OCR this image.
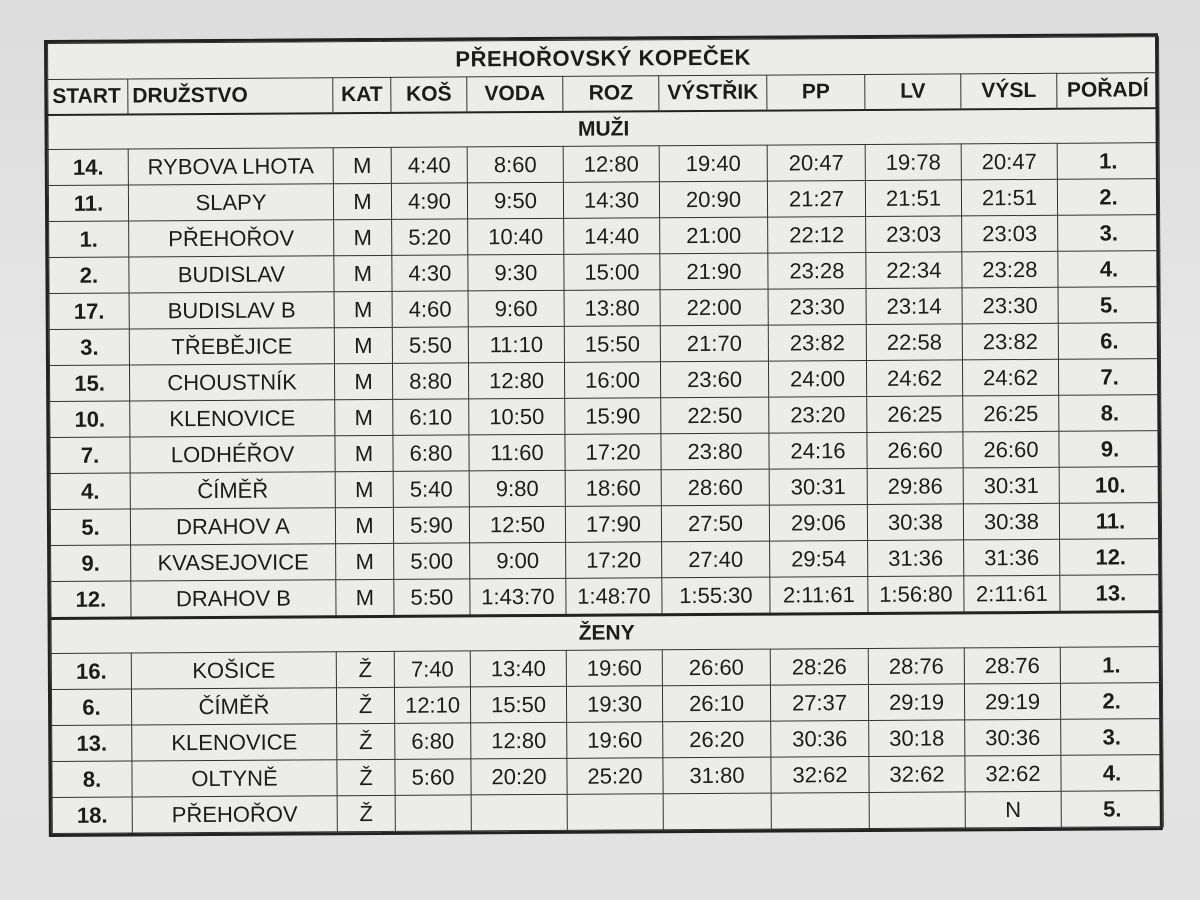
PŘEHOŘOVSKÝ KOPEČEK										
START	DRUŽSTVO	KAT	KOŠ	VODA	ROZ	VÝSTŘIK	PP	LV	VÝSL	POŘADÍ
MUŽI										
14.	RYBOVA LHOTA	M	4:40	8:60	12:80	19:40	20:47	19:78	20:47	1.
11.	SLAPY	M	4:90	9:50	14:30	20:90	21:27	21:51	21:51	2.
1.	PŘEHOŘOV	M	5:20	10:40	14:40	21:00	22:12	23:03	23:03	3.
2.	BUDISLAV	M	4:30	9:30	15:00	21:90	23:28	22:34	23:28	4.
17.	BUDISLAV B	M	4:60	9:60	13:80	22:00	23:30	23:14	23:30	5.
3.	TŘEBĚJICE	M	5:50	11:10	15:50	21:70	23:82	22:58	23:82	6.
15.	CHOUSTNÍK	M	8:80	12:80	16:00	23:60	24:00	24:62	24:62	7.
10.	KLENOVICE	M	6:10	10:50	15:90	22:50	23:20	26:25	26:25	8.
7.	LODHÉŘOV	M	6:80	11:60	17:20	23:80	24:16	26:60	26:60	9.
4.	ČÍMĚŘ	M	5:40	9:80	18:60	28:60	30:31	29:86	30:31	10.
5.	DRAHOV A	M	5:90	12:50	17:90	27:50	29:06	30:38	30:38	11.
9.	KVASEJOVICE	M	5:00	9:00	17:20	27:40	29:54	31:36	31:36	12.
12.	DRAHOV B	M	5:50	1:43:70	1:48:70	1:55:30	2:11:61	1:56:80	2:11:61	13.
ŽENY										
16.	KOŠICE	Ž	7:40	13:40	19:60	26:60	28:26	28:76	28:76	1.
6.	ČÍMĚŘ	Ž	12:10	15:50	19:30	26:10	27:37	29:19	29:19	2.
13.	KLENOVICE	Ž	6:80	12:80	19:60	26:20	30:36	30:18	30:36	3.
8.	OLTYNĚ	Ž	5:60	20:20	25:20	31:80	32:62	32:62	32:62	4.
18.	PŘEHOŘOV	Ž							N	5.
